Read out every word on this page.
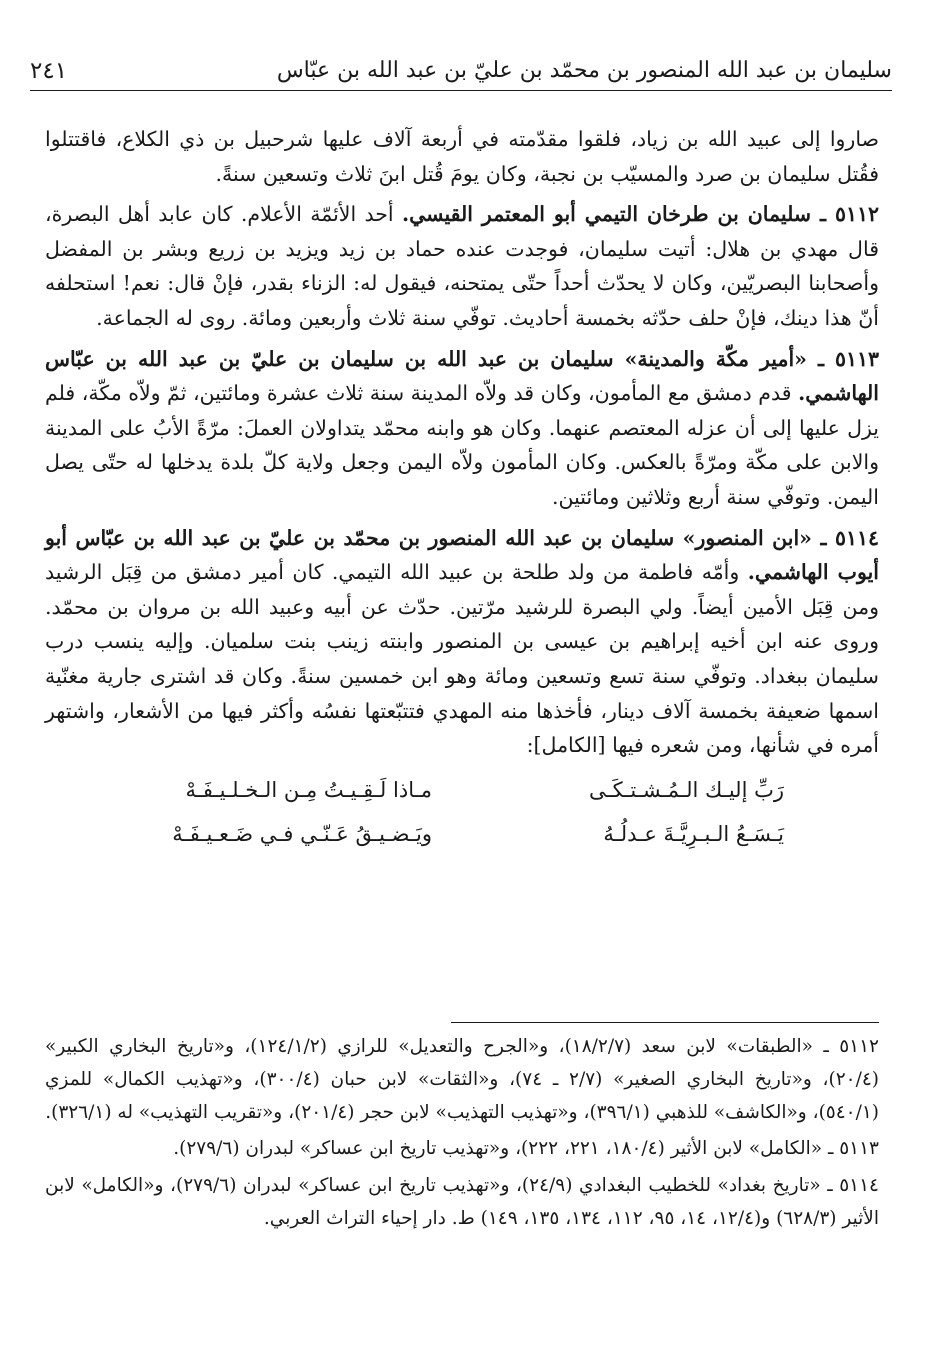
سليمان بن عبد الله المنصور بن محمّد بن عليّ بن عبد الله بن عبّاس
٢٤١

صاروا إلى عبيد الله بن زياد، فلقوا مقدّمته في أربعة آلاف عليها شرحبيل بن ذي الكلاع، فاقتتلوا فقُتل سليمان بن صرد والمسيّب بن نجبة، وكان يومَ قُتل ابنَ ثلاث وتسعين سنةً.

٥١١٢ ـ سليمان بن طرخان التيمي أبو المعتمر القيسي. أحد الأئمّة الأعلام. كان عابد أهل البصرة، قال مهدي بن هلال: أتيت سليمان، فوجدت عنده حماد بن زيد ويزيد بن زريع وبشر بن المفضل وأصحابنا البصريّين، وكان لا يحدّث أحداً حتّى يمتحنه، فيقول له: الزناء بقدر، فإنْ قال: نعم! استحلفه أنّ هذا دينك، فإنْ حلف حدّثه بخمسة أحاديث. توفّي سنة ثلاث وأربعين ومائة. روى له الجماعة.

٥١١٣ ـ «أمير مكّة والمدينة» سليمان بن عبد الله بن سليمان بن عليّ بن عبد الله بن عبّاس الهاشمي. قدم دمشق مع المأمون، وكان قد ولاّه المدينة سنة ثلاث عشرة ومائتين، ثمّ ولاّه مكّة، فلم يزل عليها إلى أن عزله المعتصم عنهما. وكان هو وابنه محمّد يتداولان العملَ: مرّةً الأبُ على المدينة والابن على مكّة ومرّةً بالعكس. وكان المأمون ولاّه اليمن وجعل ولاية كلّ بلدة يدخلها له حتّى يصل اليمن. وتوفّي سنة أربع وثلاثين ومائتين.

٥١١٤ ـ «ابن المنصور» سليمان بن عبد الله المنصور بن محمّد بن عليّ بن عبد الله بن عبّاس أبو أيوب الهاشمي. وأمّه فاطمة من ولد طلحة بن عبيد الله التيمي. كان أمير دمشق من قِبَل الرشيد ومن قِبَل الأمين أيضاً. ولي البصرة للرشيد مرّتين. حدّث عن أبيه وعبيد الله بن مروان بن محمّد. وروى عنه ابن أخيه إبراهيم بن عيسى بن المنصور وابنته زينب بنت سلميان. وإليه ينسب درب سليمان ببغداد. وتوفّي سنة تسع وتسعين ومائة وهو ابن خمسين سنةً. وكان قد اشترى جارية مغنّية اسمها ضعيفة بخمسة آلاف دينار، فأخذها منه المهدي فتتبّعتها نفسُه وأكثر فيها من الأشعار، واشتهر أمره في شأنها، ومن شعره فيها [الكامل]:

رَبِّ إليـك الـمُـشـتـكَـى
مـاذا لَـقِـيـتُ مِـن الـخـلـيـفَـهْ
يَـسَـعُ الـبـرِيَّـةَ عـدلُـهُ
ويَـضـيـقُ عَـنّـي فـي ضَـعـيـفَـهْ

٥١١٢ ـ «الطبقات» لابن سعد (١٨/٢/٧)، و«الجرح والتعديل» للرازي (١٢٤/١/٢)، و«تاريخ البخاري الكبير» (٢٠/٤)، و«تاريخ البخاري الصغير» (٢/٧ ـ ٧٤)، و«الثقات» لابن حبان (٣٠٠/٤)، و«تهذيب الكمال» للمزي (٥٤٠/١)، و«الكاشف» للذهبي (٣٩٦/١)، و«تهذيب التهذيب» لابن حجر (٢٠١/٤)، و«تقريب التهذيب» له (٣٢٦/١).

٥١١٣ ـ «الكامل» لابن الأثير (١٨٠/٤، ٢٢١، ٢٢٢)، و«تهذيب تاريخ ابن عساكر» لبدران (٢٧٩/٦).

٥١١٤ ـ «تاريخ بغداد» للخطيب البغدادي (٢٤/٩)، و«تهذيب تاريخ ابن عساكر» لبدران (٢٧٩/٦)، و«الكامل» لابن الأثير (٦٢٨/٣) و(١٢/٤، ١٤، ٩٥، ١١٢، ١٣٤، ١٣٥، ١٤٩) ط. دار إحياء التراث العربي.
